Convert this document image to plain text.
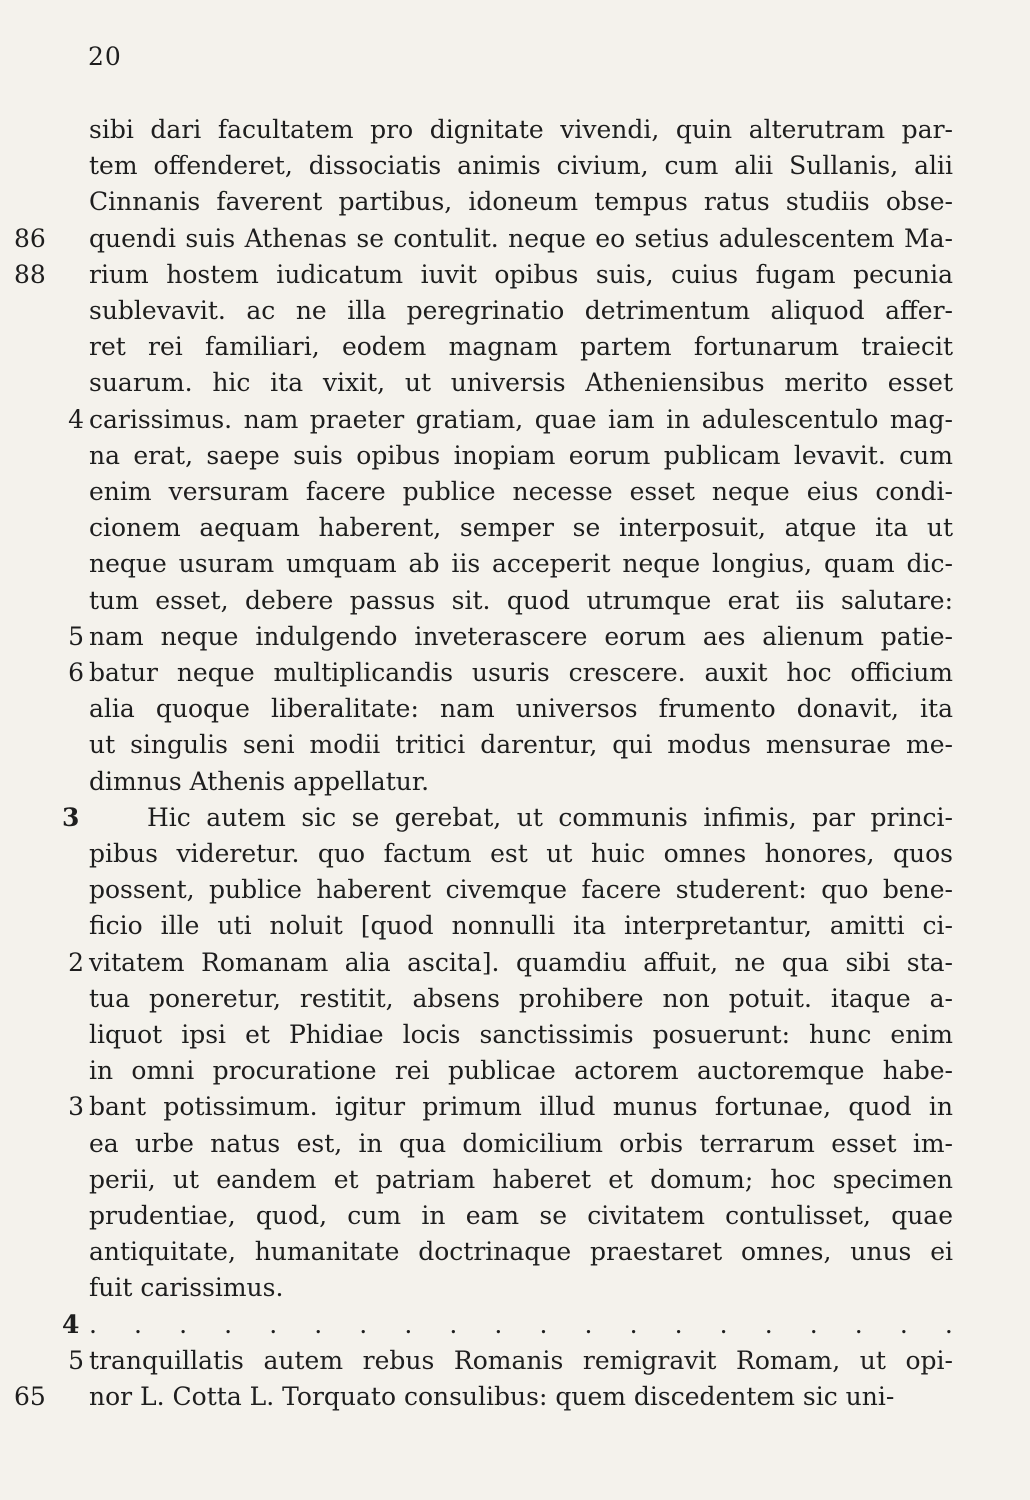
20
sibi dari facultatem pro dignitate vivendi, quin alterutram par-
tem offenderet, dissociatis animis civium, cum alii Sullanis, alii
Cinnanis faverent partibus, idoneum tempus ratus studiis obse-
86	quendi suis Athenas se contulit. neque eo setius adulescentem Ma-
88	rium hostem iudicatum iuvit opibus suis, cuius fugam pecunia
sublevavit. ac ne illa peregrinatio detrimentum aliquod affer-
ret rei familiari, eodem magnam partem fortunarum traiecit
suarum. hic ita vixit, ut universis Atheniensibus merito esset
4 carissimus. nam praeter gratiam, quae iam in adulescentulo mag-
na erat, saepe suis opibus inopiam eorum publicam levavit. cum
enim versuram facere publice necesse esset neque eius condi-
cionem aequam haberent, semper se interposuit, atque ita ut
neque usuram umquam ab iis acceperit neque longius, quam dic-
tum esset, debere passus sit. quod utrumque erat iis salutare:
5 nam neque indulgendo inveterascere eorum aes alienum patie-
6 batur neque multiplicandis usuris crescere. auxit hoc officium
alia quoque liberalitate: nam universos frumento donavit, ita
ut singulis seni modii tritici darentur, qui modus mensurae me-
dimnus Athenis appellatur.
3	Hic autem sic se gerebat, ut communis infimis, par princi-
pibus videretur. quo factum est ut huic omnes honores, quos
possent, publice haberent civemque facere studerent: quo bene-
ficio ille uti noluit [quod nonnulli ita interpretantur, amitti ci-
2 vitatem Romanam alia ascita]. quamdiu affuit, ne qua sibi sta-
tua poneretur, restitit, absens prohibere non potuit. itaque a-
liquot ipsi et Phidiae locis sanctissimis posuerunt: hunc enim
in omni procuratione rei publicae actorem auctoremque habe-
3 bant potissimum. igitur primum illud munus fortunae, quod in
ea urbe natus est, in qua domicilium orbis terrarum esset im-
perii, ut eandem et patriam haberet et domum; hoc specimen
prudentiae, quod, cum in eam se civitatem contulisset, quae
antiquitate, humanitate doctrinaque praestaret omnes, unus ei
fuit carissimus.
4 . . . . . . . . . . . . . . . . . . . .
5 tranquillatis autem rebus Romanis remigravit Romam, ut opi-
65	nor L. Cotta L. Torquato consulibus: quem discedentem sic uni-
